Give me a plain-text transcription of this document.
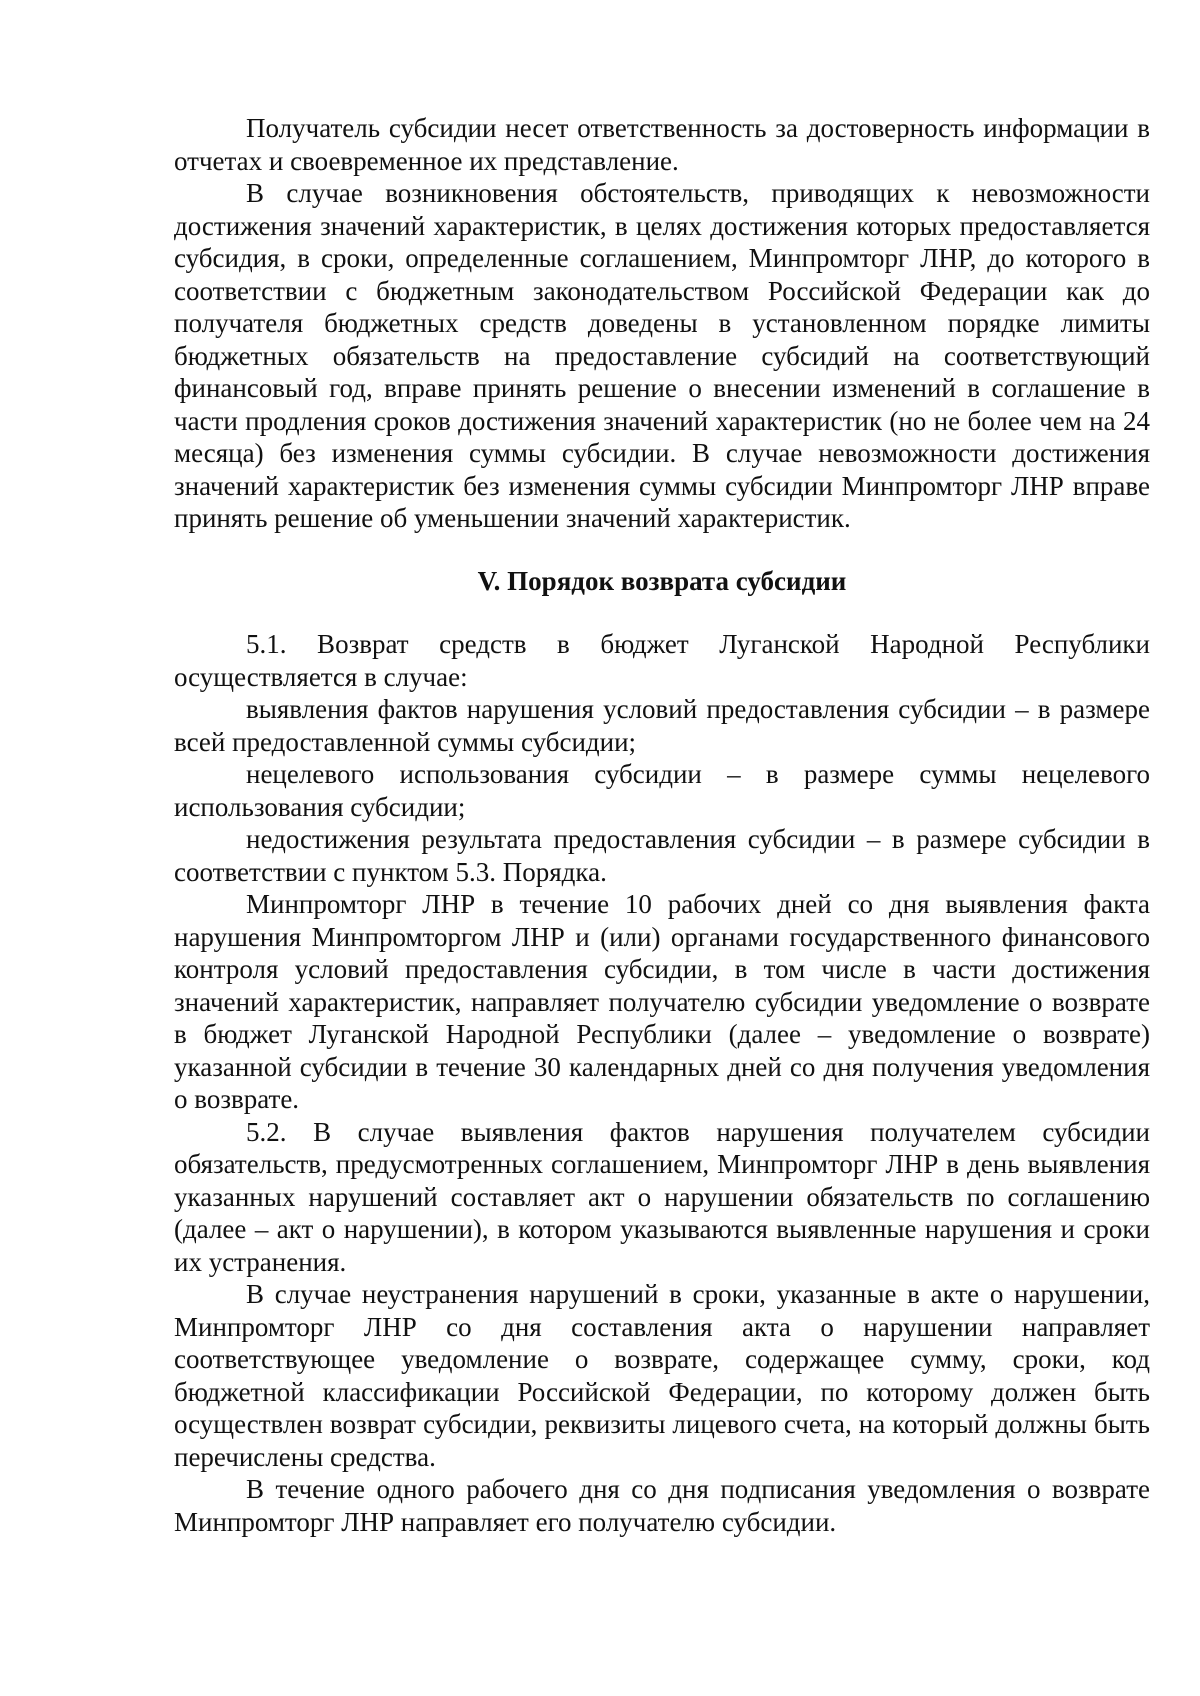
Получатель субсидии несет ответственность за достоверность информации в отчетах и своевременное их представление.

В случае возникновения обстоятельств, приводящих к невозможности достижения значений характеристик, в целях достижения которых предоставляется субсидия, в сроки, определенные соглашением, Минпромторг ЛНР, до которого в соответствии с бюджетным законодательством Российской Федерации как до получателя бюджетных средств доведены в установленном порядке лимиты бюджетных обязательств на предоставление субсидий на соответствующий финансовый год, вправе принять решение о внесении изменений в соглашение в части продления сроков достижения значений характеристик (но не более чем на 24 месяца) без изменения суммы субсидии. В случае невозможности достижения значений характеристик без изменения суммы субсидии Минпромторг ЛНР вправе принять решение об уменьшении значений характеристик.

V. Порядок возврата субсидии

5.1. Возврат средств в бюджет Луганской Народной Республики осуществляется в случае:

выявления фактов нарушения условий предоставления субсидии – в размере всей предоставленной суммы субсидии;

нецелевого использования субсидии – в размере суммы нецелевого использования субсидии;

недостижения результата предоставления субсидии – в размере субсидии в соответствии с пунктом 5.3. Порядка.

Минпромторг ЛНР в течение 10 рабочих дней со дня выявления факта нарушения Минпромторгом ЛНР и (или) органами государственного финансового контроля условий предоставления субсидии, в том числе в части достижения значений характеристик, направляет получателю субсидии уведомление о возврате в бюджет Луганской Народной Республики (далее – уведомление о возврате) указанной субсидии в течение 30 календарных дней со дня получения уведомления о возврате.

5.2. В случае выявления фактов нарушения получателем субсидии обязательств, предусмотренных соглашением, Минпромторг ЛНР в день выявления указанных нарушений составляет акт о нарушении обязательств по соглашению (далее – акт о нарушении), в котором указываются выявленные нарушения и сроки их устранения.

В случае неустранения нарушений в сроки, указанные в акте о нарушении, Минпромторг ЛНР со дня составления акта о нарушении направляет соответствующее уведомление о возврате, содержащее сумму, сроки, код бюджетной классификации Российской Федерации, по которому должен быть осуществлен возврат субсидии, реквизиты лицевого счета, на который должны быть перечислены средства.

В течение одного рабочего дня со дня подписания уведомления о возврате Минпромторг ЛНР направляет его получателю субсидии.
